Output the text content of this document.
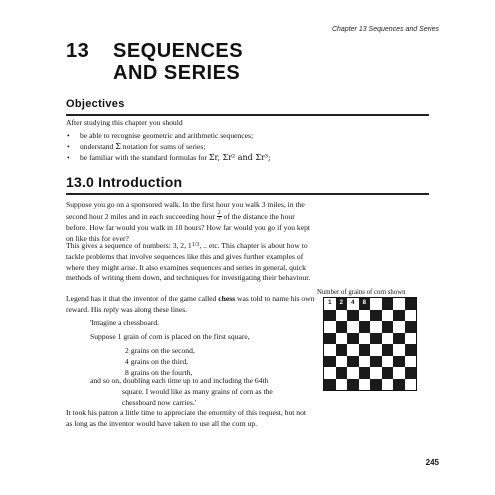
Chapter 13 Sequences and Series
13 SEQUENCES
AND SERIES
Objectives
After studying this chapter you should
• be able to recognise geometric and arithmetic sequences;
• understand Σ notation for sums of series;
• be familiar with the standard formulas for Σr, Σr² and Σr³;
13.0 Introduction
Suppose you go on a sponsored walk. In the first hour you walk 3 miles, in the second hour 2 miles and in each succeeding hour $\frac{2}{3}$ of the distance the hour before. How far would you walk in 10 hours? How far would you go if you kept on like this for ever?
This gives a sequence of numbers: 3, 2, $1^{1/3}$, .. etc. This chapter is about how to tackle problems that involve sequences like this and gives further examples of where they might arise. It also examines sequences and series in general, quick methods of writing them down, and techniques for investigating their behaviour.
Legend has it that the inventor of the game called chess was told to name his own reward. His reply was along these lines.
'Imagine a chessboard.
Suppose 1 grain of corn is placed on the first square,
2 grains on the second,
4 grains on the third,
8 grains on the fourth,
and so on, doubling each time up to and including the 64th
square. I would like as many grains of corn as the chessboard now carries.'
It took his patron a little time to appreciate the enormity of this request, but not as long as the inventor would have taken to use all the corn up.
Number of grains of corn shown
1	2	4	8
245
